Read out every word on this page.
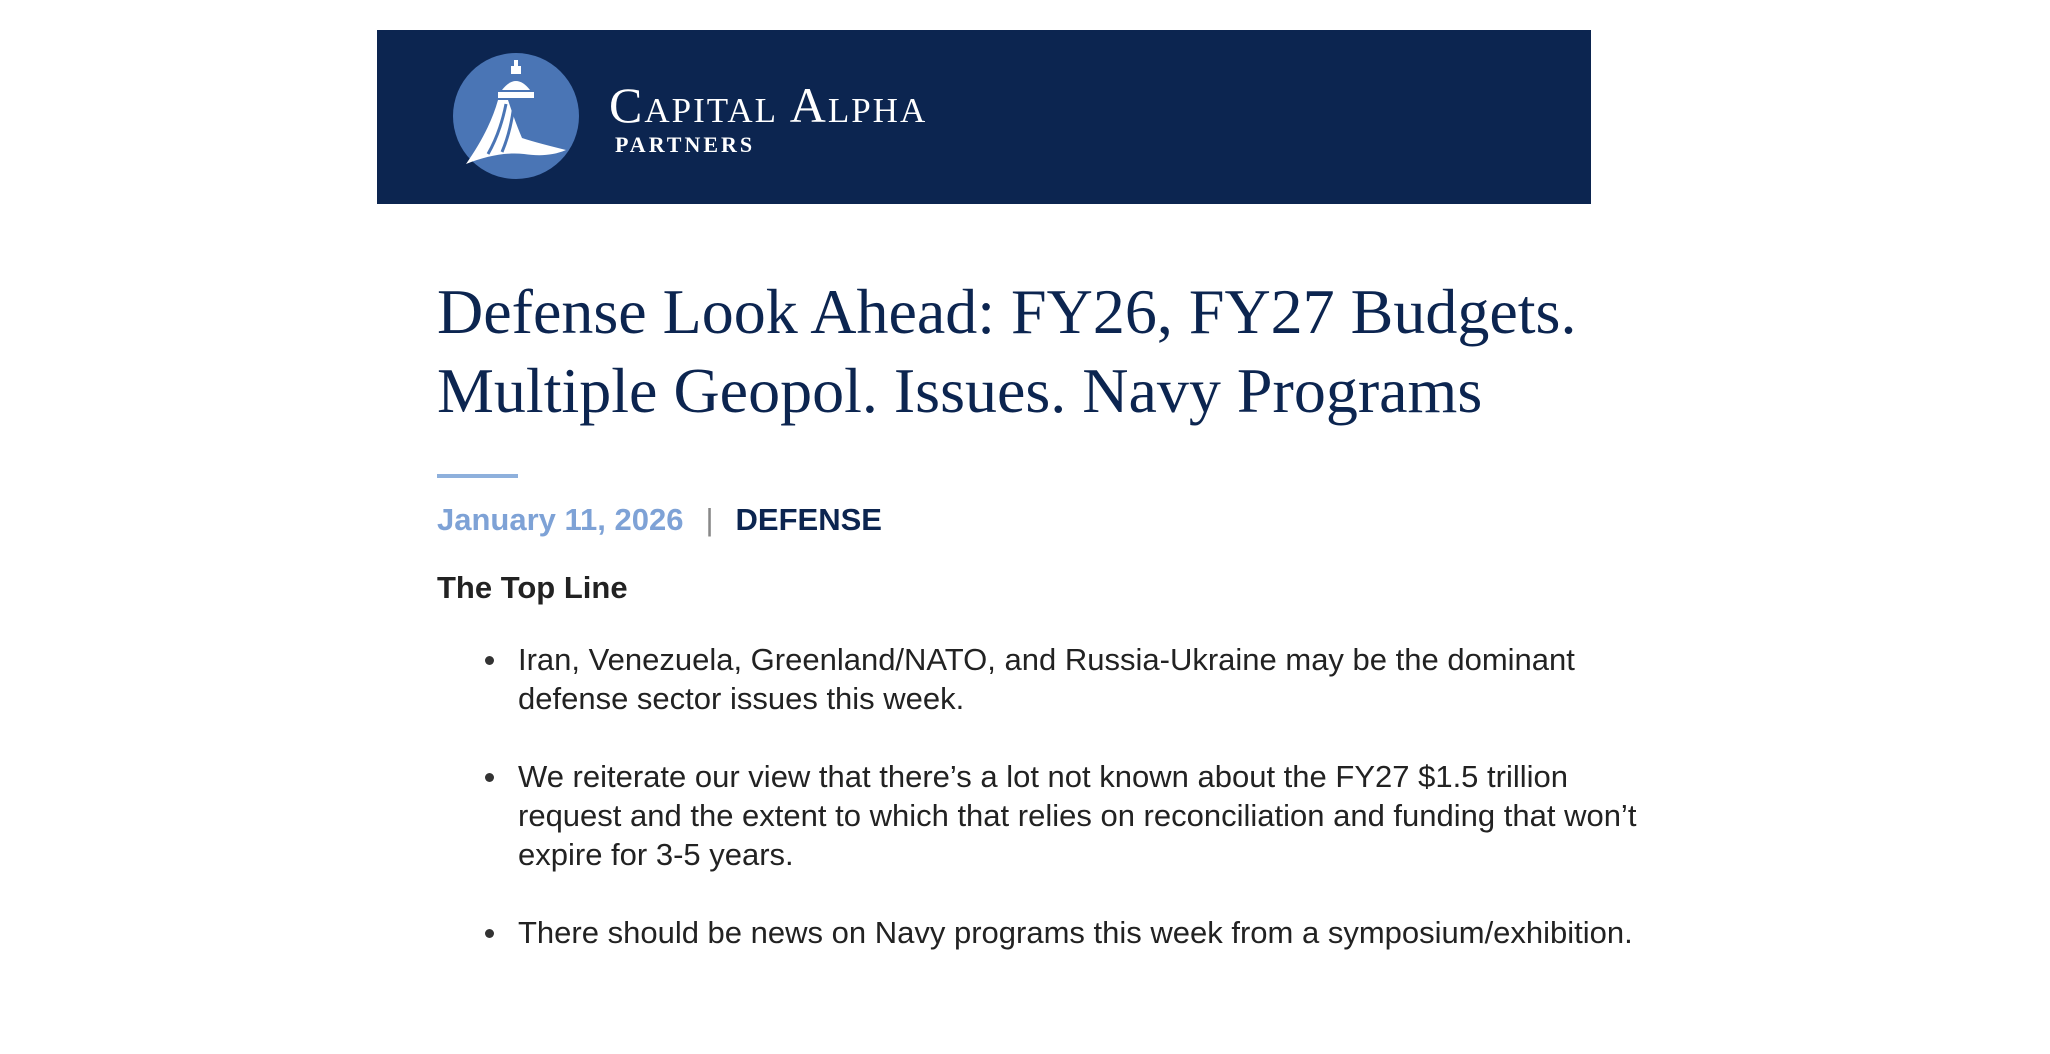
Capital Alpha
PARTNERS
Defense Look Ahead: FY26, FY27 Budgets.
Multiple Geopol. Issues. Navy Programs
January 11, 2026 | DEFENSE
The Top Line
Iran, Venezuela, Greenland/NATO, and Russia-Ukraine may be the dominant defense sector issues this week.
We reiterate our view that there’s a lot not known about the FY27 $1.5 trillion request and the extent to which that relies on reconciliation and funding that won’t expire for 3-5 years.
There should be news on Navy programs this week from a symposium/exhibition.
